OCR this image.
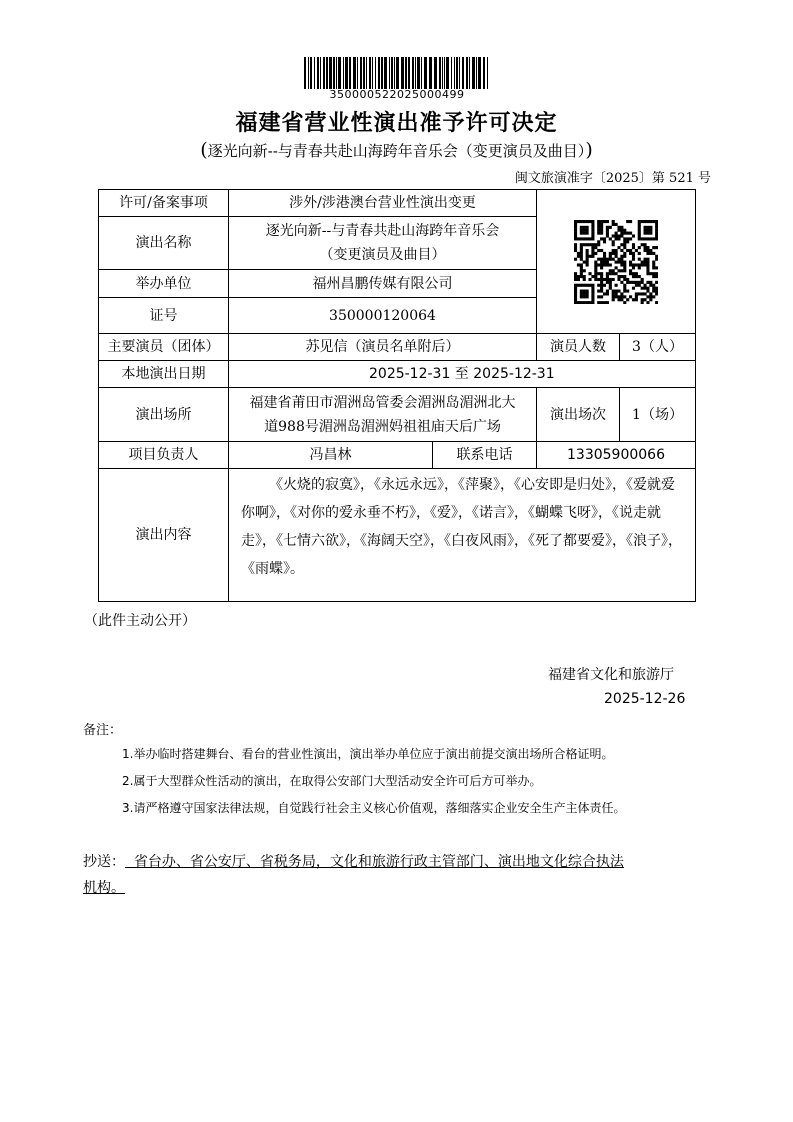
350000522025000499
福建省营业性演出准予许可决定
(逐光向新--与青春共赴山海跨年音乐会（变更演员及曲目）)
闽文旅演准字〔2025〕第 521 号
许可/备案事项	涉外/涉港澳台营业性演出变更	

演出名称	逐光向新--与青春共赴山海跨年音乐会
（变更演员及曲目）			

举办单位	福州昌鹏传媒有限公司			
证号	350000120064			
主要演员（团体）	苏见信（演员名单附后）		演员人数	3（人）
本地演出日期	2025-12-31 至 2025-12-31			
演出场所	福建省莆田市湄洲岛管委会湄洲岛湄洲北大
道988号湄洲岛湄洲妈祖祖庙天后广场		演出场次	1（场）
项目负责人	冯昌林	联系电话	13305900066	
演出内容	《火烧的寂寞》，《永远永远》，《萍聚》，《心安即是归处》，《爱就爱你啊》，《对你的爱永垂不朽》，《爱》，《诺言》，《蝴蝶飞呀》，《说走就走》，《七情六欲》，《海阔天空》，《白夜风雨》，《死了都要爱》，《浪子》，《雨蝶》。			
（此件主动公开）
福建省文化和旅游厅
2025-12-26
备注：
1.举办临时搭建舞台、看台的营业性演出，演出举办单位应于演出前提交演出场所合格证明。
2.属于大型群众性活动的演出，在取得公安部门大型活动安全许可后方可举办。
3.请严格遵守国家法律法规，自觉践行社会主义核心价值观，落细落实企业安全生产主体责任。
抄送：  省台办、省公安厅、省税务局，文化和旅游行政主管部门、演出地文化综合执法
机构。
